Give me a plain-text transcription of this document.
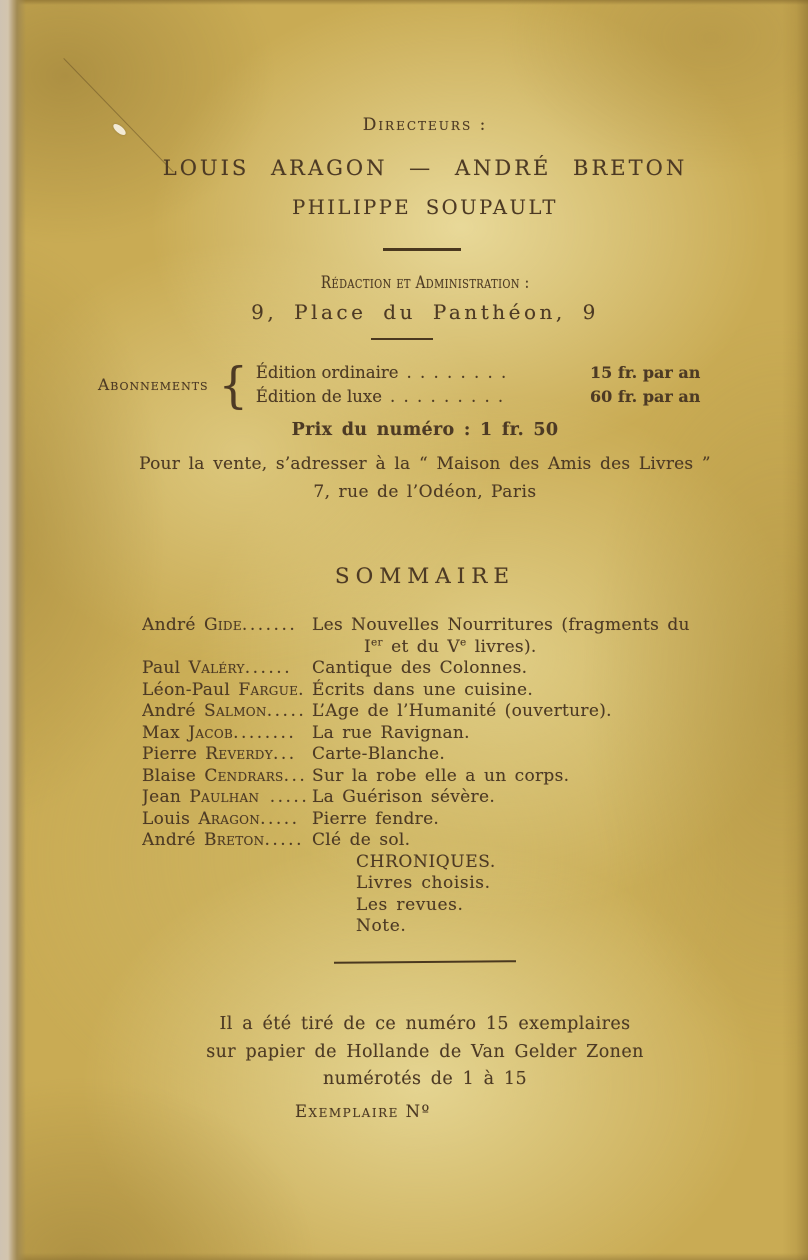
Directeurs :
LOUIS ARAGON — ANDRÉ BRETON
PHILIPPE SOUPAULT
Rédaction et Administration :
9, Place du Panthéon, 9
Abonnements { Édition ordinaire . . . . . . . .	15 fr. par an
Édition de luxe . . . . . . . . .	60 fr. par an
Prix du numéro : 1 fr. 50
Pour la vente, s’adresser à la “ Maison des Amis des Livres ”
7, rue de l’Odéon, Paris
SOMMAIRE
André Gide....... Les Nouvelles Nourritures (fragments du
Ier et du Ve livres).
Paul Valéry......	Cantique des Colonnes.
Léon-Paul Fargue. Écrits dans une cuisine.
André Salmon..... L’Age de l’Humanité (ouverture).
Max Jacob........ La rue Ravignan.
Pierre Reverdy... Carte-Blanche.
Blaise Cendrars... Sur la robe elle a un corps.
Jean Paulhan ..... La Guérison sévère.
Louis Aragon..... Pierre fendre.
André Breton..... Clé de sol.
CHRONIQUES.
Livres choisis.
Les revues.
Note.
Il a été tiré de ce numéro 15 exemplaires
sur papier de Hollande de Van Gelder Zonen
numérotés de 1 à 15
Exemplaire Nº
